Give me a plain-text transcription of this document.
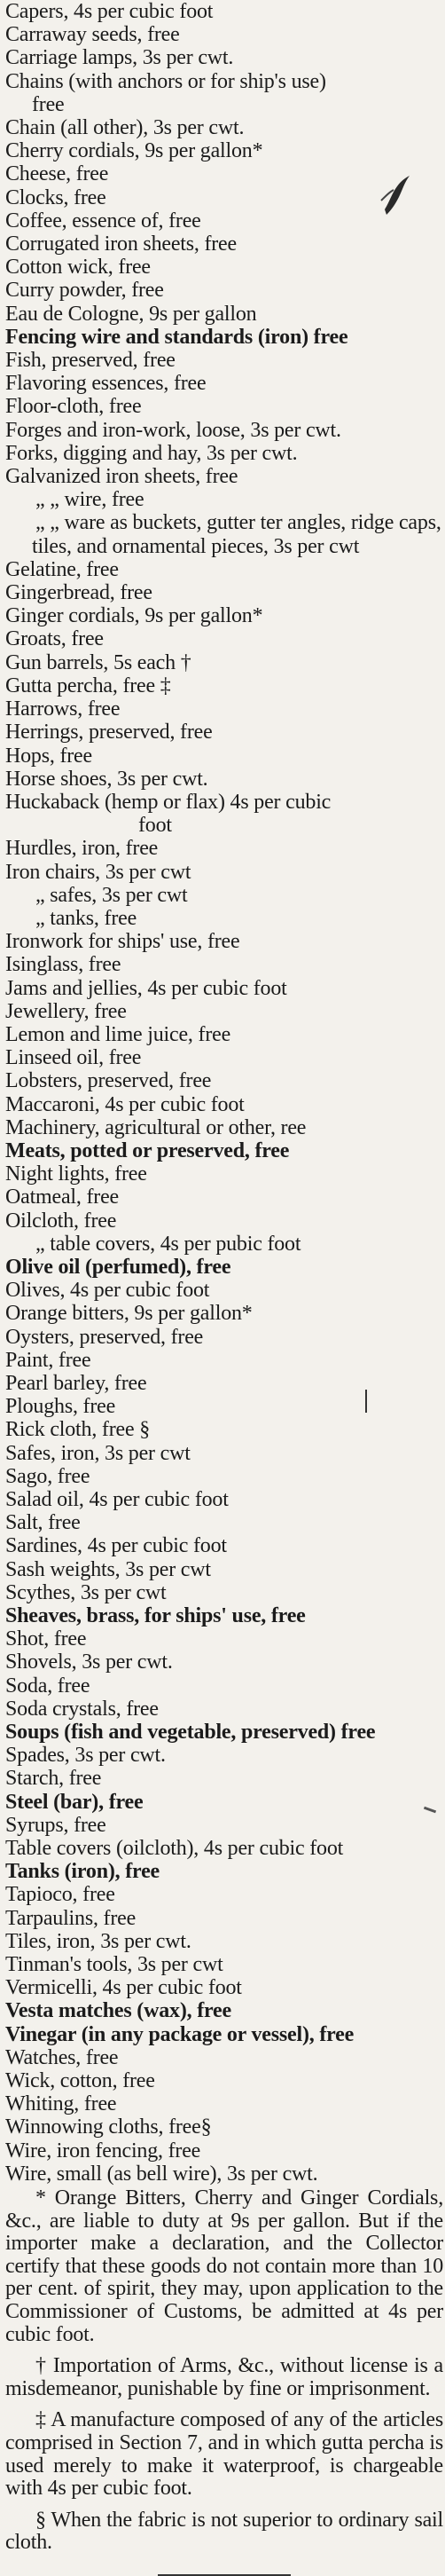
Capers, 4s per cubic foot
Carraway seeds, free
Carriage lamps, 3s per cwt.
Chains (with anchors or for ship's use)
free
Chain (all other), 3s per cwt.
Cherry cordials, 9s per gallon*
Cheese, free
Clocks, free
Coffee, essence of, free
Corrugated iron sheets, free
Cotton wick, free
Curry powder, free
Eau de Cologne, 9s per gallon
Fencing wire and standards (iron) free
Fish, preserved, free
Flavoring essences, free
Floor-cloth, free
Forges and iron-work, loose, 3s per cwt.
Forks, digging and hay, 3s per cwt.
Galvanized iron sheets, free
„ „ wire, free
„ „ ware as buckets, gutter ter angles, ridge caps, tiles, and ornamental pieces, 3s per cwt
Gelatine, free
Gingerbread, free
Ginger cordials, 9s per gallon*
Groats, free
Gun barrels, 5s each †
Gutta percha, free ‡
Harrows, free
Herrings, preserved, free
Hops, free
Horse shoes, 3s per cwt.
Huckaback (hemp or flax) 4s per cubic
foot
Hurdles, iron, free
Iron chairs, 3s per cwt
„ safes, 3s per cwt
„ tanks, free
Ironwork for ships' use, free
Isinglass, free
Jams and jellies, 4s per cubic foot
Jewellery, free
Lemon and lime juice, free
Linseed oil, free
Lobsters, preserved, free
Maccaroni, 4s per cubic foot
Machinery, agricultural or other, ree
Meats, potted or preserved, free
Night lights, free
Oatmeal, free
Oilcloth, free
„ table covers, 4s per pubic foot
Olive oil (perfumed), free
Olives, 4s per cubic foot
Orange bitters, 9s per gallon*
Oysters, preserved, free
Paint, free
Pearl barley, free
Ploughs, free
Rick cloth, free §
Safes, iron, 3s per cwt
Sago, free
Salad oil, 4s per cubic foot
Salt, free
Sardines, 4s per cubic foot
Sash weights, 3s per cwt
Scythes, 3s per cwt
Sheaves, brass, for ships' use, free
Shot, free
Shovels, 3s per cwt.
Soda, free
Soda crystals, free
Soups (fish and vegetable, preserved) free
Spades, 3s per cwt.
Starch, free
Steel (bar), free
Syrups, free
Table covers (oilcloth), 4s per cubic foot
Tanks (iron), free
Tapioco, free
Tarpaulins, free
Tiles, iron, 3s per cwt.
Tinman's tools, 3s per cwt
Vermicelli, 4s per cubic foot
Vesta matches (wax), free
Vinegar (in any package or vessel), free
Watches, free
Wick, cotton, free
Whiting, free
Winnowing cloths, free§
Wire, iron fencing, free
Wire, small (as bell wire), 3s per cwt.
* Orange Bitters, Cherry and Ginger Cordials, &c., are liable to duty at 9s per gallon. But if the importer make a declaration, and the Collector certify that these goods do not contain more than 10 per cent. of spirit, they may, upon application to the Commissioner of Customs, be admitted at 4s per cubic foot.
† Importation of Arms, &c., without license is a misdemeanor, punishable by fine or imprisonment.
‡ A manufacture composed of any of the articles comprised in Section 7, and in which gutta percha is used merely to make it waterproof, is chargeable with 4s per cubic foot.
§ When the fabric is not superior to ordinary sail cloth.
